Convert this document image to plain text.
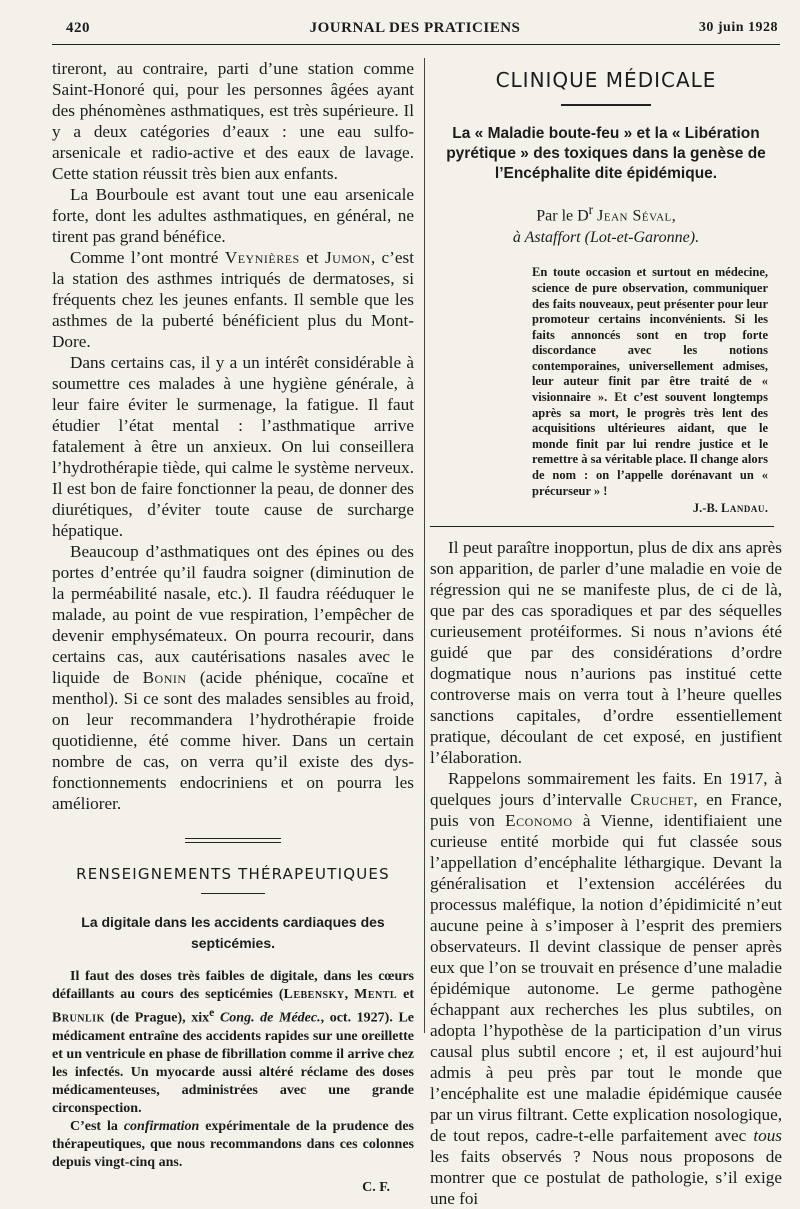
420	JOURNAL DES PRATICIENS	30 juin 1928

tireront, au contraire, parti d’une station comme Saint-Honoré qui, pour les personnes âgées ayant des phénomènes asthmatiques, est très supérieure. Il y a deux catégories d’eaux : une eau sulfo-arsenicale et radio-active et des eaux de lavage. Cette station réussit très bien aux enfants.

La Bourboule est avant tout une eau arsenicale forte, dont les adultes asthmatiques, en général, ne tirent pas grand bénéfice.

Comme l’ont montré Veynières et Jumon, c’est la station des asthmes intriqués de dermatoses, si fréquents chez les jeunes enfants. Il semble que les asthmes de la puberté bénéficient plus du Mont-Dore.

Dans certains cas, il y a un intérêt considérable à soumettre ces malades à une hygiène générale, à leur faire éviter le surmenage, la fatigue. Il faut étudier l’état mental : l’asthmatique arrive fatalement à être un anxieux. On lui conseillera l’hydrothérapie tiède, qui calme le système nerveux. Il est bon de faire fonctionner la peau, de donner des diurétiques, d’éviter toute cause de surcharge hépatique.

Beaucoup d’asthmatiques ont des épines ou des portes d’entrée qu’il faudra soigner (diminution de la perméabilité nasale, etc.). Il faudra rééduquer le malade, au point de vue respiration, l’empêcher de devenir emphysémateux. On pourra recourir, dans certains cas, aux cautérisations nasales avec le liquide de Bonin (acide phénique, cocaïne et menthol). Si ce sont des malades sensibles au froid, on leur recommandera l’hydrothérapie froide quotidienne, été comme hiver. Dans un certain nombre de cas, on verra qu’il existe des dys-fonctionnements endocriniens et on pourra les améliorer.

RENSEIGNEMENTS THÉRAPEUTIQUES
La digitale dans les accidents cardiaques des septicémies.

Il faut des doses très faibles de digitale, dans les cœurs défaillants au cours des septicémies (Lebensky, Mentl et Brunlik (de Prague), xix$^e$ Cong. de Médec., oct. 1927). Le médicament entraîne des accidents rapides sur une oreillette et un ventricule en phase de fibrillation comme il arrive chez les infectés. Un myocarde aussi altéré réclame des doses médicamenteuses, administrées avec une grande circonspection.

C’est la confirmation expérimentale de la prudence des thérapeutiques, que nous recommandons dans ces colonnes depuis vingt-cinq ans.

C. F.
CLINIQUE MÉDICALE
La « Maladie boute-feu » et la « Libération pyrétique » des toxiques dans la genèse de l’Encéphalite dite épidémique.
Par le $D^r$ Jean Séval,
à Astaffort (Lot-et-Garonne).

En toute occasion et surtout en médecine, science de pure observation, communiquer des faits nouveaux, peut présenter pour leur promoteur certains inconvénients. Si les faits annoncés sont en trop forte discordance avec les notions contemporaines, universellement admises, leur auteur finit par être traité de « visionnaire ». Et c’est souvent longtemps après sa mort, le progrès très lent des acquisitions ultérieures aidant, que le monde finit par lui rendre justice et le remettre à sa véritable place. Il change alors de nom : on l’appelle dorénavant un « précurseur » !

J.-B. Landau.

Il peut paraître inopportun, plus de dix ans après son apparition, de parler d’une maladie en voie de régression qui ne se manifeste plus, de ci de là, que par des cas sporadiques et par des séquelles curieusement protéiformes. Si nous n’avions été guidé que par des considérations d’ordre dogmatique nous n’aurions pas institué cette controverse mais on verra tout à l’heure quelles sanctions capitales, d’ordre essentiellement pratique, découlant de cet exposé, en justifient l’élaboration.

Rappelons sommairement les faits. En 1917, à quelques jours d’intervalle Cruchet, en France, puis von Economo à Vienne, identifiaient une curieuse entité morbide qui fut classée sous l’appellation d’encéphalite léthargique. Devant la généralisation et l’extension accélérées du processus maléfique, la notion d’épidimicité n’eut aucune peine à s’imposer à l’esprit des premiers observateurs. Il devint classique de penser après eux que l’on se trouvait en présence d’une maladie épidémique autonome. Le germe pathogène échappant aux recherches les plus subtiles, on adopta l’hypothèse de la participation d’un virus causal plus subtil encore ; et, il est aujourd’hui admis à peu près par tout le monde que l’encéphalite est une maladie épidémique causée par un virus filtrant. Cette explication nosologique, de tout repos, cadre-t-elle parfaitement avec tous les faits observés ? Nous nous proposons de montrer que ce postulat de pathologie, s’il exige une foi
